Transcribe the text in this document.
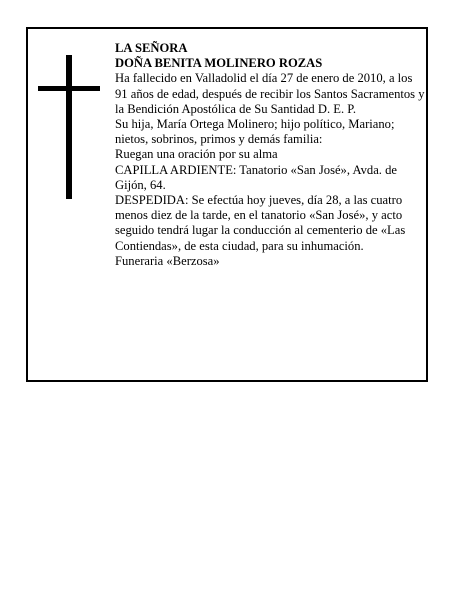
LA SEÑORA

DOÑA BENITA MOLINERO ROZAS

Ha fallecido en Valladolid el día 27 de enero de 2010, a los 91 años de edad, después de recibir los Santos Sacramentos y la Bendición Apostólica de Su Santidad D. E. P.

Su hija, María Ortega Molinero; hijo político, Mariano; nietos, sobrinos, primos y demás familia:

Ruegan una oración por su alma

CAPILLA ARDIENTE: Tanatorio «San José», Avda. de Gijón, 64.

DESPEDIDA: Se efectúa hoy jueves, día 28, a las cuatro menos diez de la tarde, en el tanatorio «San José», y acto seguido tendrá lugar la conducción al cementerio de «Las Contiendas», de esta ciudad, para su inhumación.

Funeraria «Berzosa»
